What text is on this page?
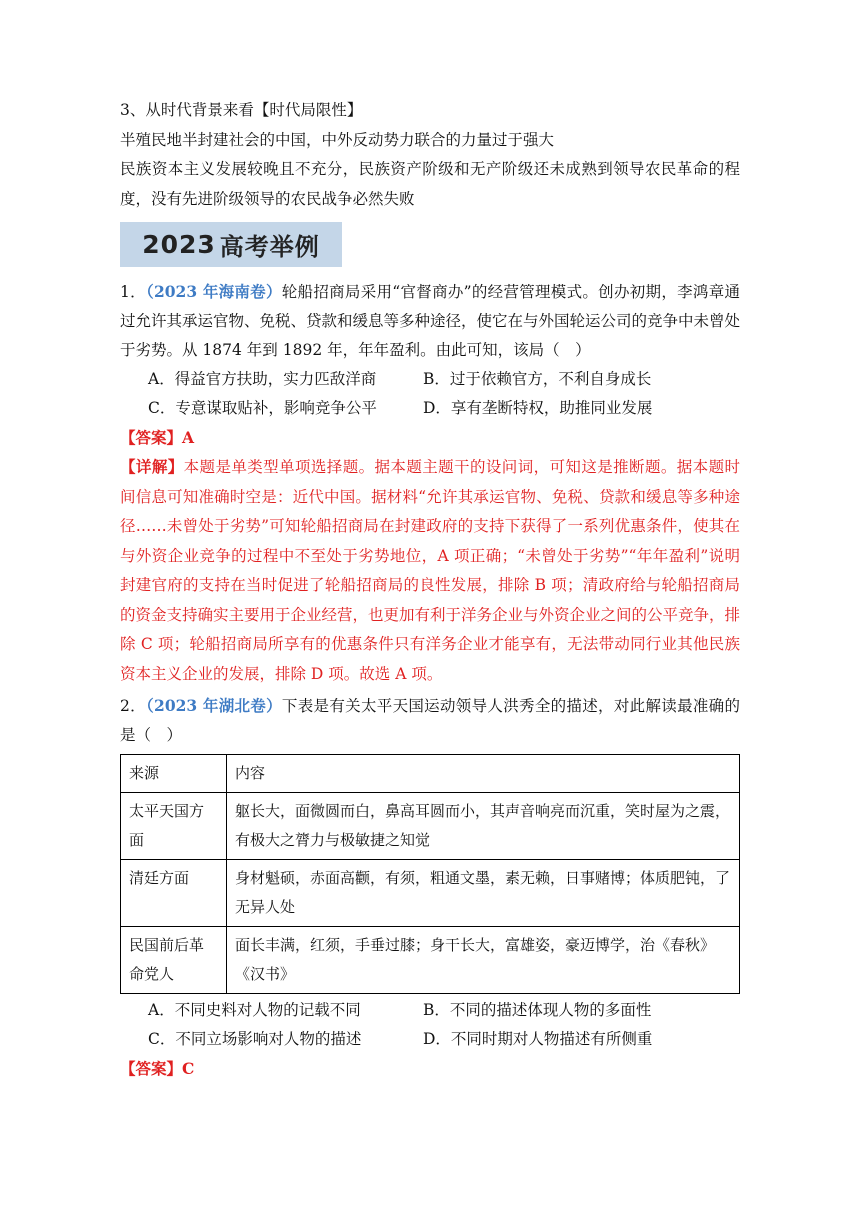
3、从时代背景来看【时代局限性】
半殖民地半封建社会的中国，中外反动势力联合的力量过于强大
民族资本主义发展较晚且不充分，民族资产阶级和无产阶级还未成熟到领导农民革命的程度，没有先进阶级领导的农民战争必然失败
2023 高考举例
1．（2023 年海南卷）轮船招商局采用“官督商办”的经营管理模式。创办初期，李鸿章通过允许其承运官物、免税、贷款和缓息等多种途径，使它在与外国轮运公司的竞争中未曾处于劣势。从 1874 年到 1892 年，年年盈利。由此可知，该局（　）
A．得益官方扶助，实力匹敌洋商	B．过于依赖官方，不利自身成长
C．专意谋取贴补，影响竞争公平	D．享有垄断特权，助推同业发展
【答案】A
【详解】本题是单类型单项选择题。据本题主题干的设问词，可知这是推断题。据本题时间信息可知准确时空是：近代中国。据材料“允许其承运官物、免税、贷款和缓息等多种途径……未曾处于劣势”可知轮船招商局在封建政府的支持下获得了一系列优惠条件，使其在与外资企业竞争的过程中不至处于劣势地位，A 项正确；“未曾处于劣势”“年年盈利”说明封建官府的支持在当时促进了轮船招商局的良性发展，排除 B 项；清政府给与轮船招商局的资金支持确实主要用于企业经营，也更加有利于洋务企业与外资企业之间的公平竞争，排除 C 项；轮船招商局所享有的优惠条件只有洋务企业才能享有，无法带动同行业其他民族资本主义企业的发展，排除 D 项。故选 A 项。
2．（2023 年湖北卷）下表是有关太平天国运动领导人洪秀全的描述，对此解读最准确的是（　）
来源	内容
太平天国方面	躯长大，面微圆而白，鼻高耳圆而小，其声音响亮而沉重，笑时屋为之震，有极大之膂力与极敏捷之知觉
清廷方面	身材魁硕，赤面高颧，有须，粗通文墨，素无赖，日事赌博；体质肥钝，了无异人处
民国前后革命党人	面长丰满，红须，手垂过膝；身干长大，富雄姿，豪迈博学，治《春秋》《汉书》
A．不同史料对人物的记载不同	B．不同的描述体现人物的多面性
C．不同立场影响对人物的描述	D．不同时期对人物描述有所侧重
【答案】C
